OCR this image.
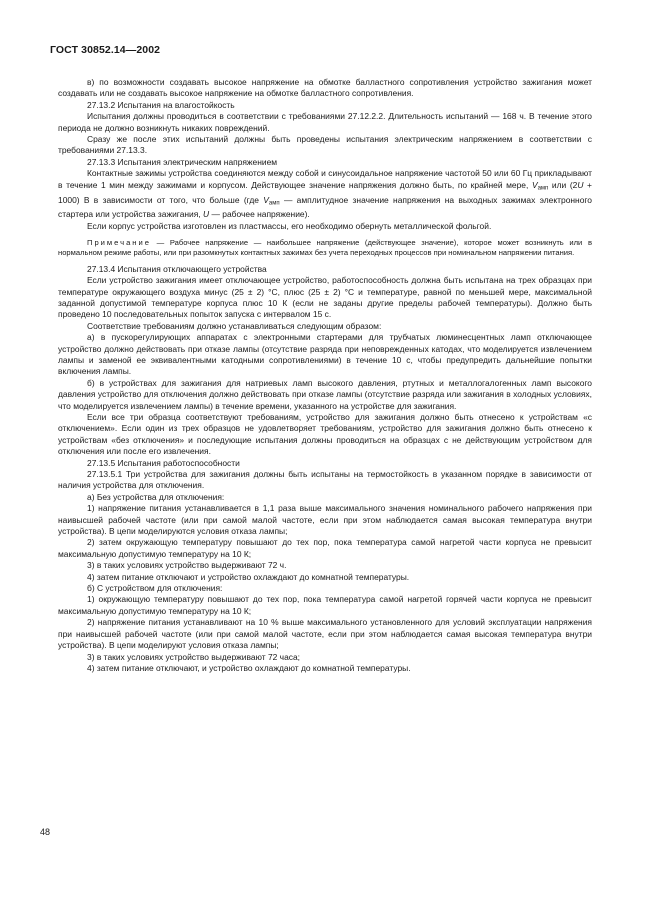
ГОСТ 30852.14—2002

в) по возможности создавать высокое напряжение на обмотке балластного сопротивления устройство зажигания может создавать или не создавать высокое напряжение на обмотке балластного сопротивления.

27.13.2 Испытания на влагостойкость

Испытания должны проводиться в соответствии с требованиями 27.12.2.2. Длительность испытаний — 168 ч. В течение этого периода не должно возникнуть никаких повреждений.

Сразу же после этих испытаний должны быть проведены испытания электрическим напряжением в соответствии с требованиями 27.13.3.

27.13.3 Испытания электрическим напряжением

Контактные зажимы устройства соединяются между собой и синусоидальное напряжение частотой 50 или 60 Гц прикладывают в течение 1 мин между зажимами и корпусом. Действующее значение напряжения должно быть, по крайней мере, $V_{амп}$ или (2U + 1000) В в зависимости от того, что больше (где $V_{амп}$ — амплитудное значение напряжения на выходных зажимах электронного стартера или устройства зажигания, U — рабочее напряжение).

Если корпус устройства изготовлен из пластмассы, его необходимо обернуть металлической фольгой.

Примечание — Рабочее напряжение — наибольшее напряжение (действующее значение), которое может возникнуть или в нормальном режиме работы, или при разомкнутых контактных зажимах без учета переходных процессов при номинальном напряжении питания.

27.13.4 Испытания отключающего устройства

Если устройство зажигания имеет отключающее устройство, работоспособность должна быть испытана на трех образцах при температуре окружающего воздуха минус (25 ± 2) °С, плюс (25 ± 2) °С и температуре, равной по меньшей мере, максимальной заданной допустимой температуре корпуса плюс 10 К (если не заданы другие пределы рабочей температуры). Должно быть проведено 10 последовательных попыток запуска с интервалом 15 с.

Соответствие требованиям должно устанавливаться следующим образом:

а) в пускорегулирующих аппаратах с электронными стартерами для трубчатых люминесцентных ламп отключающее устройство должно действовать при отказе лампы (отсутствие разряда при неповрежденных катодах, что моделируется извлечением лампы и заменой ее эквивалентными катодными сопротивлениями) в течение 10 с, чтобы предупредить дальнейшие попытки включения лампы.

б) в устройствах для зажигания для натриевых ламп высокого давления, ртутных и металлогалогенных ламп высокого давления устройство для отключения должно действовать при отказе лампы (отсутствие разряда или зажигания в холодных условиях, что моделируется извлечением лампы) в течение времени, указанного на устройстве для зажигания.

Если все три образца соответствуют требованиям, устройство для зажигания должно быть отнесено к устройствам «с отключением». Если один из трех образцов не удовлетворяет требованиям, устройство для зажигания должно быть отнесено к устройствам «без отключения» и последующие испытания должны проводиться на образцах с не действующим устройством для отключения или после его извлечения.

27.13.5 Испытания работоспособности

27.13.5.1 Три устройства для зажигания должны быть испытаны на термостойкость в указанном порядке в зависимости от наличия устройства для отключения.

а) Без устройства для отключения:

1) напряжение питания устанавливается в 1,1 раза выше максимального значения номинального рабочего напряжения при наивысшей рабочей частоте (или при самой малой частоте, если при этом наблюдается самая высокая температура внутри устройства). В цепи моделируются условия отказа лампы;

2) затем окружающую температуру повышают до тех пор, пока температура самой нагретой части корпуса не превысит максимальную допустимую температуру на 10 К;

3) в таких условиях устройство выдерживают 72 ч.

4) затем питание отключают и устройство охлаждают до комнатной температуры.

б) С устройством для отключения:

1) окружающую температуру повышают до тех пор, пока температура самой нагретой горячей части корпуса не превысит максимальную допустимую температуру на 10 К;

2) напряжение питания устанавливают на 10 % выше максимального установленного для условий эксплуатации напряжения при наивысшей рабочей частоте (или при самой малой частоте, если при этом наблюдается самая высокая температура внутри устройства). В цепи моделируют условия отказа лампы;

3) в таких условиях устройство выдерживают 72 часа;

4) затем питание отключают, и устройство охлаждают до комнатной температуры.

48
